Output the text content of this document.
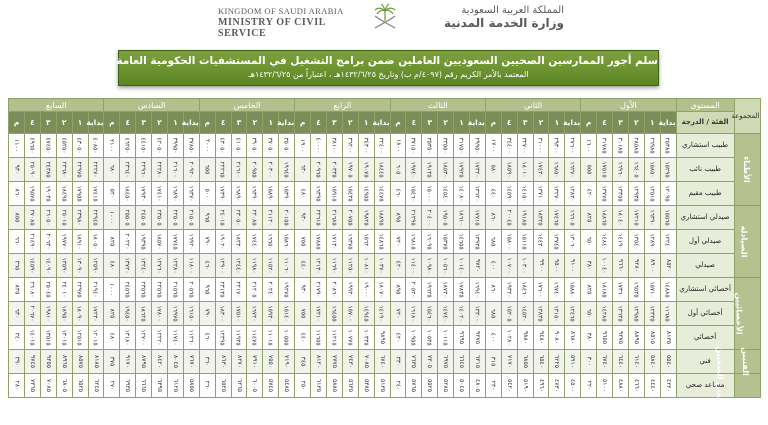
KINGDOM OF SAUDI ARABIA
MINISTRY OF CIVIL SERVICE
المملكة العربية السعودية
وزارة الخدمة المدنية
سلم أجور الممارسين الصحيين السعوديين العاملين ضمن برامج التشغيل في المستشفيات الحكومية العامة والتخصصية والمرجعية
المعتمد بالأمر الكريم رقم (٤٠٩٧/م ب) وتاريخ ١٤٣٢/٦/٢٥هـ ، اعتباراً من ١٤٣٢/٦/٢٥هـ
المجموعة	المستوى	الأول						الثاني						الثالث						الرابع						الخامس						السادس						السابع					
	الفئة / الدرجة	بداية	١	٢	٣	٤	م	بداية	١	٢	٣	٤	م	بداية	١	٢	٣	٤	م	بداية	١	٢	٣	٤	م	بداية	١	٢	٣	٤	م	بداية	١	٢	٣	٤	م	بداية	١	٢	٣	٤	م
الأطباء	طبيب استشاري	٢٥٣٨٥	٢٦٩٨٥	٢٨٥٨٥	٣٠١٨٥	٣١٧٨٥	١٦٠٠	٢٧٦٠٠	٢٩٣٠٠	٣١٠٠٠	٣٢٧٠٠	٣٤٤٠٠	١٧٠٠	٢٩٩٥٠	٣١٧٥٠	٣٣٥٥٠	٣٥٣٥٠	٣٧١٥٠	١٨٠٠	٣٢٤٠٠	٣٤٣٠٠	٣٦٢٠٠	٣٨١٠٠	٤٠٠٠٠	١٩٠٠	٣٥٠٥٠	٣٧٠٥٠	٣٩٠٥٠	٤١٠٥٠	٤٣٠٥٠	٢٠٠٠	٣٧٨٥٠	٣٩٩٥٠	٤٢٠٥٠	٤٤١٥٠	٤٦٢٥٠	٢١٠٠	٤٠٨٥٠	٤٣٠٥٠	٤٥٢٥٠	٤٧٤٥٠	٤٩٦٥٠	١١٠٠
	طبيب نائب	١٥٢٩٥	١٥٨٥٠	١٦٤٠٥	١٦٩٦٠	١٧٥١٥	٥٥٥	١٦٢٧٠	١٦٨٥٠	١٧٤٣٠	١٨٠١٠	١٨٥٩٠	٥٨٠	١٧٣٢٠	١٧٩٢٥	١٨٥٣٠	١٩١٣٥	١٩٧٤٠	٦٠٥	١٨٤٤٥	١٩٠٧٥	١٩٧٠٥	٢٠٣٣٥	٢٠٩٦٥	٦٣٠	١٩٦٤٥	٢٠٣٠٠	٢٠٩٥٥	٢١٦١٠	٢٢٢٦٥	٦٥٥	٢٠٩٢٠	٢١٦٠٠	٢٢٢٨٠	٢٢٩٦٠	٢٣٦٤٠	٦٨٠	٢٢٢٧٠	٢٢٩٧٥	٢٣٦٨٠	٢٤٣٨٥	٢٥٠٩٠	٩٣٠
	طبيب مقيم	١٢٠٩٥	١٢٥١٥	١٢٩٣٥	١٣٣٥٥	١٣٧٧٥	٤٢٠	١٢٨٣٠	١٣٢٧٠	١٣٧١٠	١٤١٥٠	١٤٥٩٠	٤٤٠	١٣٦٢٠	١٤٠٨٠	١٤٥٤٠	١٥٠٠٠	١٥٤٦٠	٤٦٠	١٤٤٧٥	١٤٩٥٥	١٥٤٣٥	١٥٩١٥	١٦٣٩٥	٤٨٠	١٥٣٩٠	١٥٨٩٠	١٦٣٩٠	١٦٨٩٠	١٧٣٩٠	٥٠٠	١٦٣٧٠	١٦٨٩٠	١٧٤١٠	١٧٩٣٠	١٨٤٥٠	٥٢٠	١٧٤١٥	١٧٩٥٥	١٨٤٩٥	١٩٠٣٥	١٩٥٧٥	٨٦٠
الصيادلة	صيدلي استشاري	١٥٥٦٥	١٦٣٩٠	١٧٢١٥	١٨٠٤٠	١٨٨٦٥	٨٢٥	١٦٦٠٥	١٧٤٦٥	١٨٣٢٥	١٩١٨٥	٢٠٠٤٥	٨٦٠	١٧٧١٥	١٨٦١٠	١٩٥٠٥	٢٠٤٠٠	٢١٢٩٥	٨٩٥	١٨٨٩٥	١٩٨٢٥	٢٠٧٥٥	٢١٦٨٥	٢٢٦١٥	٩٣٠	٢٠١٥٥	٢١١٢٠	٢٢٠٨٥	٢٣٠٥٠	٢٤٠١٥	٩٦٥	٢١٥٠٥	٢٢٥٠٥	٢٣٥٠٥	٢٤٥٠٥	٢٥٥٠٥	١٠٠٠	٢٢٩٤٥	٢٣٩٨٠	٢٥٠١٥	٢٦٠٥٠	٢٧٠٨٥	٨٥٥
	صيدلي أول	١٢٢٤٠	١٢٨٩٠	١٣٥٤٠	١٤١٩٠	١٤٨٤٠	٦٥٠	١٣٠٦٠	١٣٧٤٥	١٤٤٣٠	١٥١١٥	١٥٨٠٠	٦٨٥	١٣٩٣٥	١٤٦٥٥	١٥٣٧٥	١٦٠٩٥	١٦٨١٥	٧٢٠	١٤٨٦٥	١٥٦٢٠	١٦٣٧٥	١٧١٣٠	١٧٨٨٥	٧٥٥	١٥٨٦٠	١٦٦٥٠	١٧٤٤٠	١٨٢٣٠	١٩٠٢٠	٧٩٠	١٦٩٢٠	١٧٧٤٥	١٨٥٧٠	١٩٣٩٥	٢٠٢٢٠	٨٢٥	١٨٠٥٠	١٨٩١٠	١٩٧٧٠	٢٠٦٣٠	٢١٤٩٠	٦٦٠
	صيدلي	٨٥٢٠	٨٩٠٠	٩٢٨٠	٩٦٦٠	١٠٠٤٠	٣٨٠	٩١٠٠	٩٥٠٠	٩٩٠٠	١٠٣٠٠	١٠٧٠٠	٤٠٠	٩٧٢٠	١٠١٤٠	١٠٥٦٠	١٠٩٨٠	١١٤٠٠	٤٢٠	١٠٣٧٠	١٠٨١٠	١١٢٥٠	١١٦٩٠	١٢١٣٠	٤٤٠	١١٠٦٠	١١٥٢٠	١١٩٨٠	١٢٤٤٠	١٢٩٠٠	٤٦٠	١١٨٠٠	١٢٢٨٠	١٢٧٦٠	١٣٢٤٠	١٣٧٢٠	٤٨٠	١٢٥٩٠	١٣٠٩٠	١٣٥٩٠	١٤٠٩٠	١٤٥٩٠	٣٦٥
الأخصائيين	أخصائي استشاري	١٤٨٨٥	١٥٧١٠	١٦٥٣٥	١٧٣٦٠	١٨١٨٥	٨٢٥	١٥٨٨٠	١٦٧٤٠	١٧٦٠٠	١٨٤٦٠	١٩٣٢٠	٨٦٠	١٦٩٤٠	١٧٨٣٥	١٨٧٣٠	١٩٦٢٥	٢٠٥٢٠	٨٩٥	١٨٠٧٠	١٩٠٠٠	١٩٩٣٠	٢٠٨٦٠	٢١٧٩٠	٩٣٠	١٩٢٧٥	٢٠٢٤٠	٢١٢٠٥	٢٢١٧٠	٢٣١٣٥	٩٦٥	٢٠٥٦٥	٢١٥٦٥	٢٢٥٦٥	٢٣٥٦٥	٢٤٥٦٥	١٠٠٠	٢١٩٤٠	٢٢٩٧٥	٢٤٠١٠	٢٥٠٤٥	٢٦٠٨٠	٨٣٥
	أخصائي أول	١١٦٨٥	١٢٣٣٥	١٢٩٨٥	١٣٦٣٥	١٤٢٨٥	٦٥٠	١٢٤٦٥	١٣١٥٠	١٣٨٣٥	١٤٥٢٠	١٥٢٠٥	٦٨٥	١٣٣٠٠	١٤٠٢٠	١٤٧٤٠	١٥٤٦٠	١٦١٨٠	٧٢٠	١٤١٩٠	١٤٩٤٥	١٥٧٠٠	١٦٤٥٥	١٧٢١٠	٧٥٥	١٥١٤٠	١٥٩٣٠	١٦٧٢٠	١٧٥١٠	١٨٣٠٠	٧٩٠	١٦١٥٠	١٦٩٧٥	١٧٨٠٠	١٨٦٢٥	١٩٤٥٠	٨٢٥	١٧٢٣٠	١٨٠٩٠	١٨٩٥٠	١٩٨١٠	٢٠٦٧٠	٦٣٠
	أخصائي	٨١٣٥	٨٥١٥	٨٨٩٥	٩٢٧٥	٩٦٥٥	٣٨٠	٨٦٨٠	٩٠٨٠	٩٤٨٠	٩٨٨٠	١٠٢٨٠	٤٠٠	٩٢٧٥	٩٦٩٥	١٠١١٥	١٠٥٣٥	١٠٩٥٥	٤٢٠	٩٨٩٥	١٠٣٣٥	١٠٧٧٥	١١٢١٥	١١٦٥٥	٤٤٠	١٠٥٥٥	١١٠١٥	١١٤٧٥	١١٩٣٥	١٢٣٩٥	٤٦٠	١١٢٦٠	١١٧٤٠	١٢٢٢٠	١٢٧٠٠	١٣١٨٠	٤٨٠	١٢٠١٥	١٢٥١٥	١٣٠١٥	١٣٥١٥	١٤٠١٥	٣٤٠
الفنيين	فني	٥٥٤٠	٥٨٤٠	٦١٤٠	٦٤٤٠	٦٧٤٠	٣٠٠	٥٩١٠	٦٢٢٥	٦٥٤٠	٦٨٥٥	٧١٧٠	٣١٥	٦٣١٥	٦٦٤٥	٦٩٧٥	٧٣٠٥	٧٦٣٥	٣٣٠	٦٧٤٠	٧٠٨٥	٧٤٣٠	٧٧٧٥	٨١٢٠	٣٤٥	٧١٩٠	٧٥٥٠	٧٩١٠	٨٢٧٠	٨٦٣٠	٣٦٠	٧٦٧٠	٨٠٤٥	٨٤٢٠	٨٧٩٥	٩١٧٠	٣٧٥	٨١٨٥	٨٥٧٥	٨٩٦٥	٩٣٥٥	٩٧٤٥	٣٩٠
المساعدين الصحيين	مساعد صحي	٤٢٢٠	٤٤٤٠	٤٦٦٠	٤٨٨٠	٥١٠٠	٢٢٠	٤٥٠٠	٤٧٣٠	٤٩٦٠	٥١٩٠	٥٤٢٠	٢٣٠	٤٨٠٥	٥٠٤٥	٥٢٨٥	٥٥٢٥	٥٧٦٥	٢٤٠	٥١٣٥	٥٣٨٥	٥٦٣٥	٥٨٨٥	٦١٣٥	٢٥٠	٥٤٨٥	٥٧٤٥	٦٠٠٥	٦٢٦٥	٦٥٢٥	٢٦٠	٥٨٥٥	٦١٢٥	٦٣٩٥	٦٦٦٥	٦٩٣٥	٢٧٠	٦٢٤٥	٦٥٢٥	٦٨٠٥	٧٠٨٥	٧٣٦٥	٢٨٠
